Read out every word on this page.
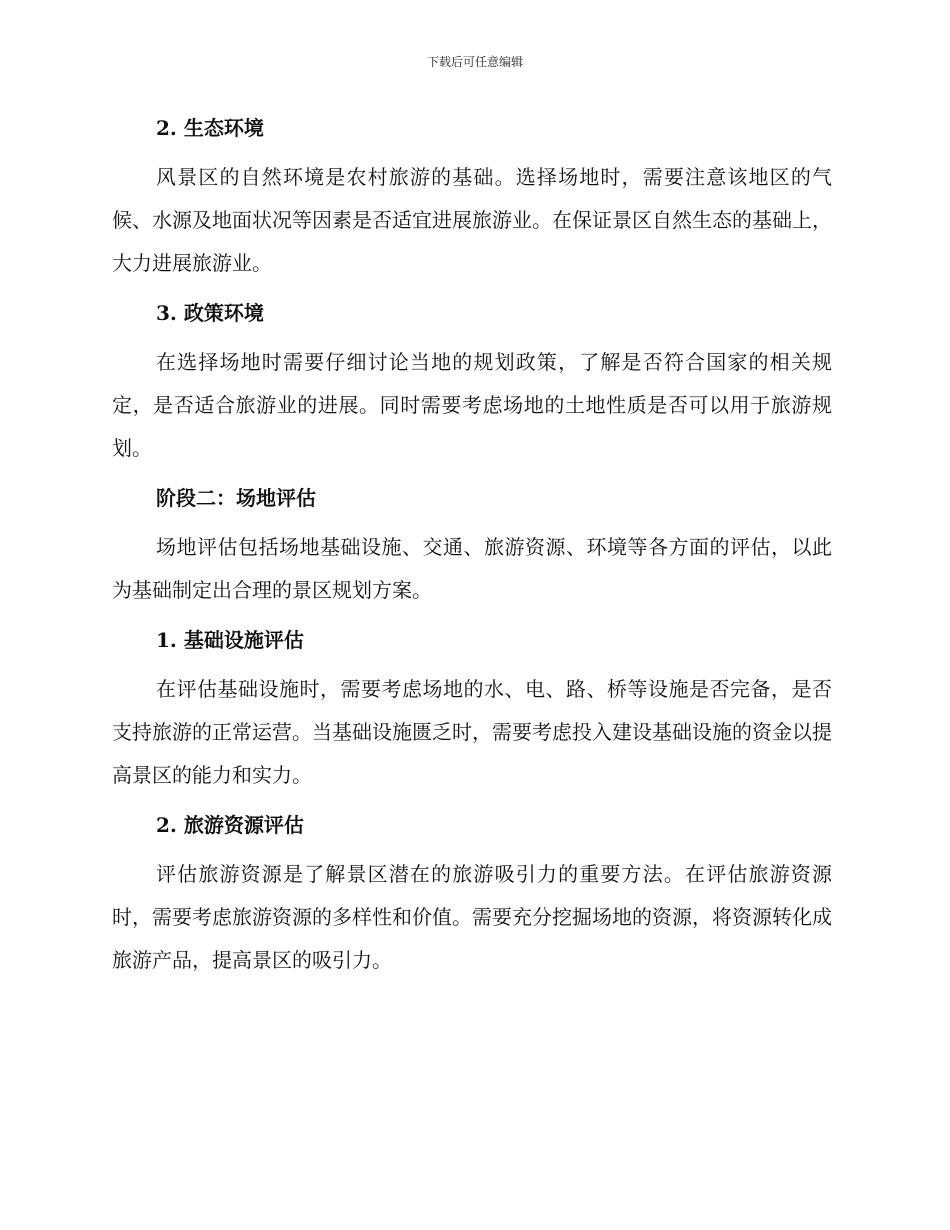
下载后可任意编辑
2. 生态环境

风景区的自然环境是农村旅游的基础。选择场地时，需要注意该地区的气候、水源及地面状况等因素是否适宜进展旅游业。在保证景区自然生态的基础上，大力进展旅游业。

3. 政策环境

在选择场地时需要仔细讨论当地的规划政策，了解是否符合国家的相关规定，是否适合旅游业的进展。同时需要考虑场地的土地性质是否可以用于旅游规划。

阶段二：场地评估

场地评估包括场地基础设施、交通、旅游资源、环境等各方面的评估，以此为基础制定出合理的景区规划方案。

1. 基础设施评估

在评估基础设施时，需要考虑场地的水、电、路、桥等设施是否完备，是否支持旅游的正常运营。当基础设施匮乏时，需要考虑投入建设基础设施的资金以提高景区的能力和实力。

2. 旅游资源评估

评估旅游资源是了解景区潜在的旅游吸引力的重要方法。在评估旅游资源时，需要考虑旅游资源的多样性和价值。需要充分挖掘场地的资源，将资源转化成旅游产品，提高景区的吸引力。
